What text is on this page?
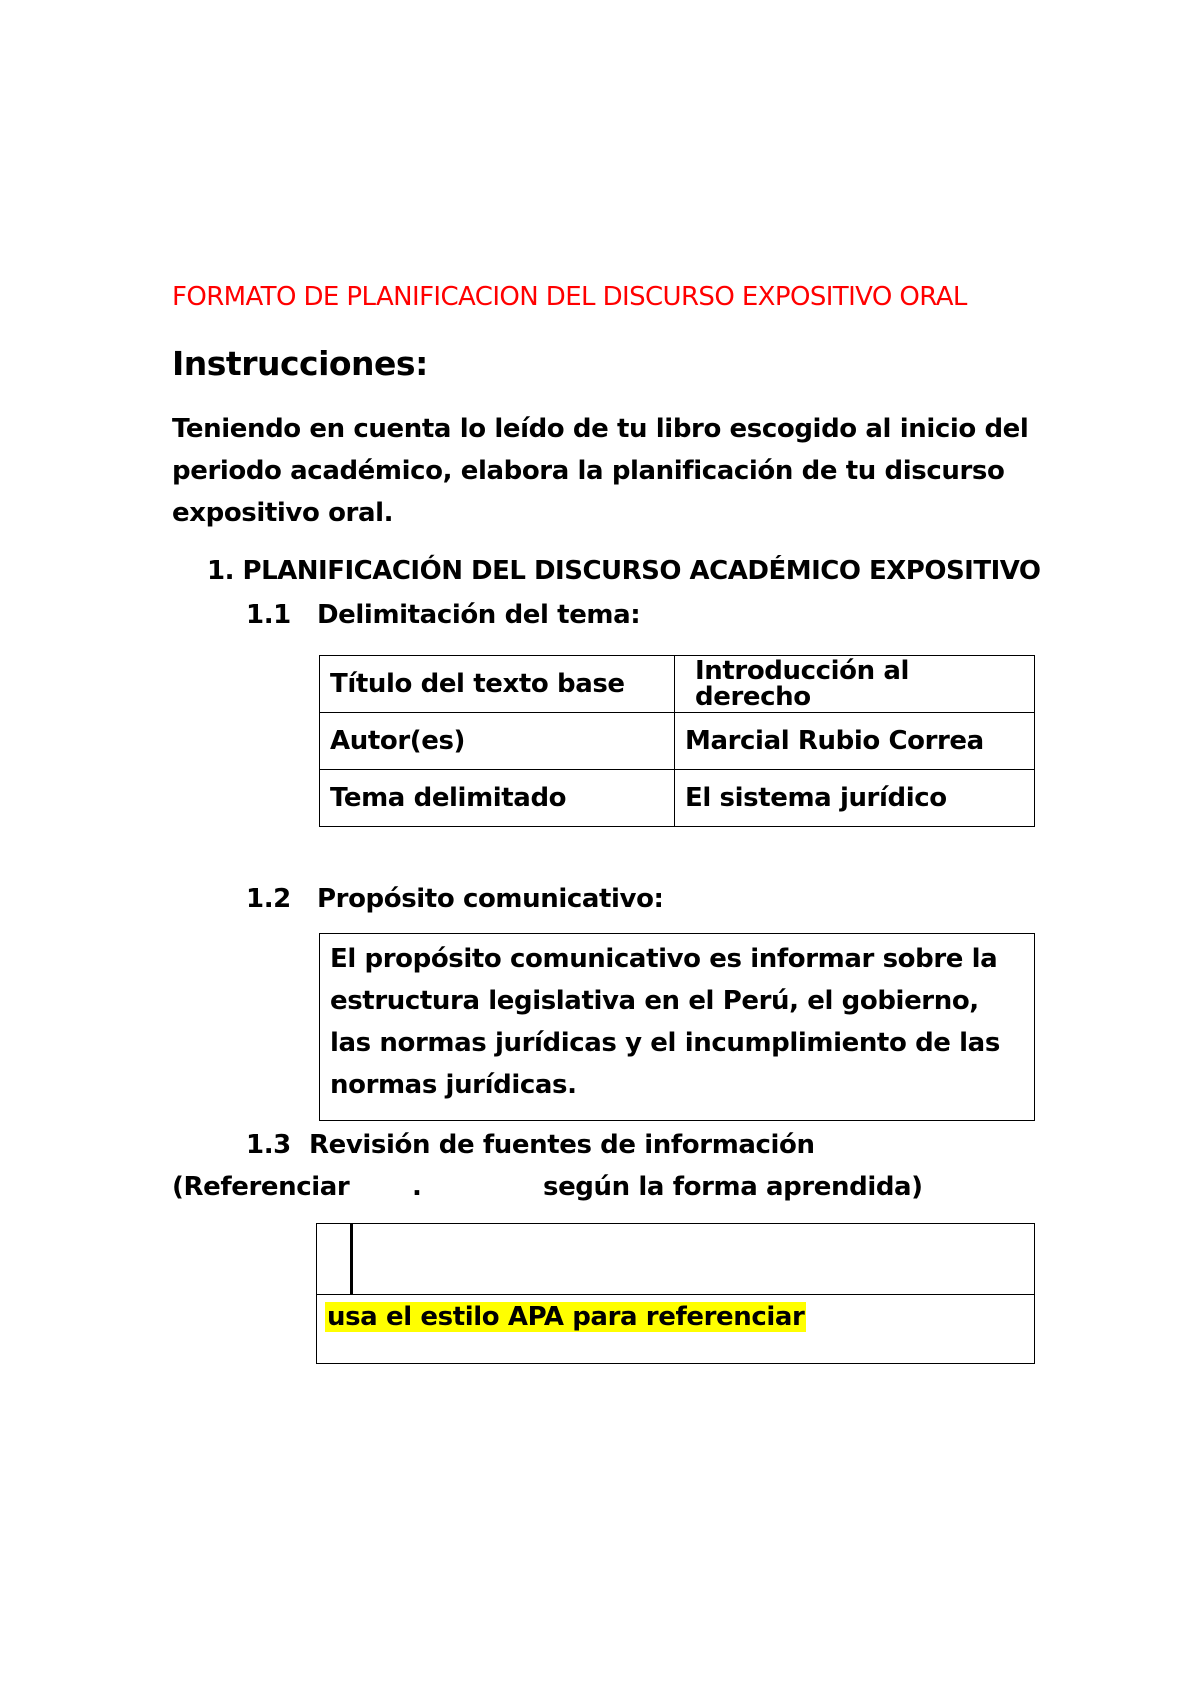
FORMATO DE PLANIFICACION DEL DISCURSO EXPOSITIVO ORAL
Instrucciones:
Teniendo en cuenta lo leído de tu libro escogido al inicio del periodo académico, elabora la planificación de tu discurso expositivo oral.
1. PLANIFICACIÓN DEL DISCURSO ACADÉMICO EXPOSITIVO
1.1 Delimitación del tema:
Título del texto base	Introducción al derecho
Autor(es)	Marcial Rubio Correa
Tema delimitado	El sistema jurídico
1.2 Propósito comunicativo:
El propósito comunicativo es informar sobre la estructura legislativa en el Perú, el gobierno, las normas jurídicas y el incumplimiento de las normas jurídicas.
1.3 Revisión de fuentes de información
(Referenciar .	según la forma aprendida)
usa el estilo APA para referenciar
